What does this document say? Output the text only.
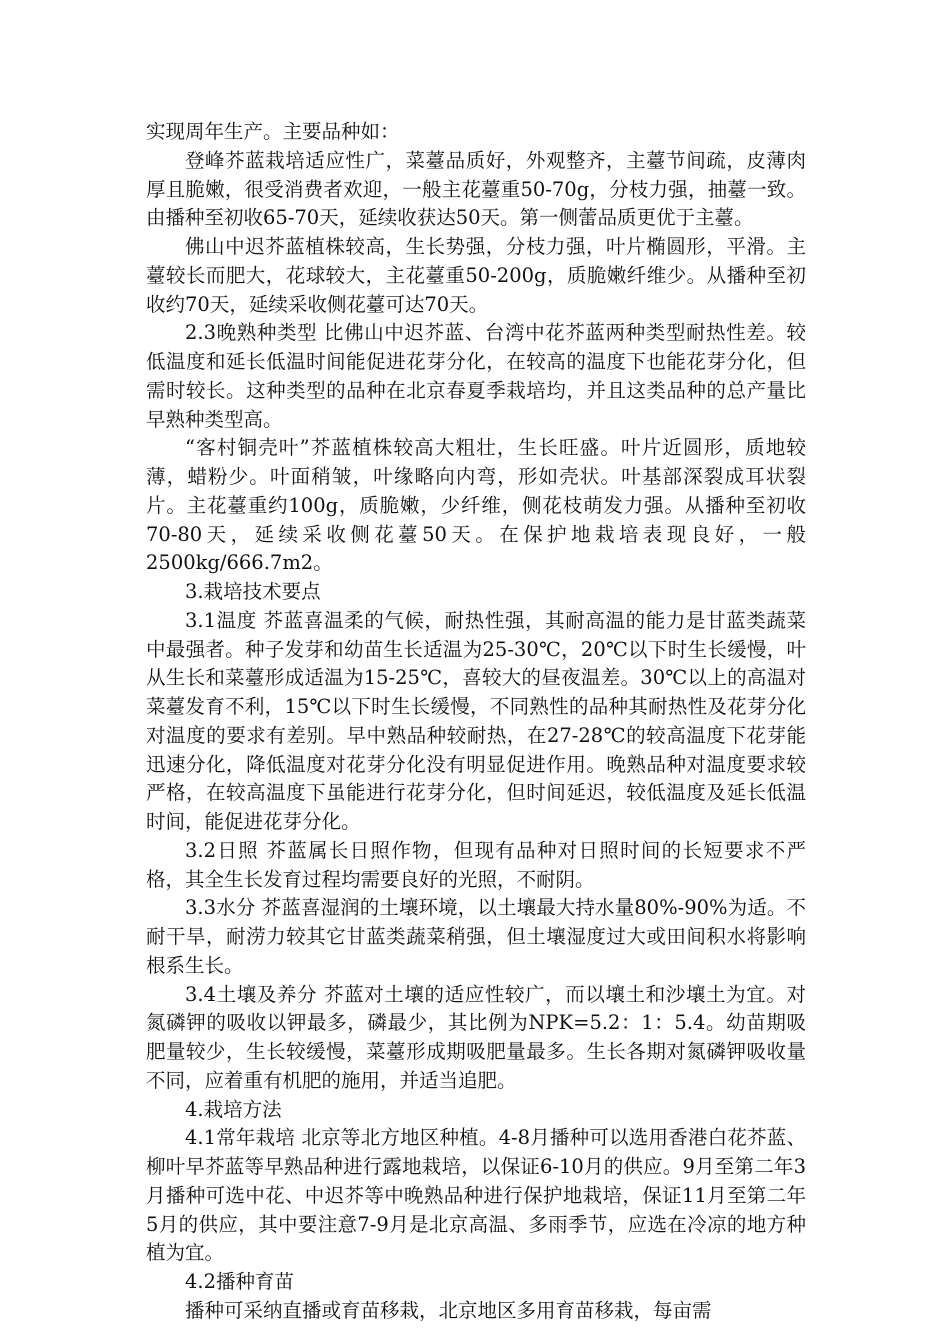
实现周年生产。主要品种如：

登峰芥蓝栽培适应性广，菜薹品质好，外观整齐，主薹节间疏，皮薄肉厚且脆嫩，很受消费者欢迎，一般主花薹重50-70g，分枝力强，抽薹一致。由播种至初收65-70天，延续收获达50天。第一侧蕾品质更优于主薹。

佛山中迟芥蓝植株较高，生长势强，分枝力强，叶片椭圆形，平滑。主薹较长而肥大，花球较大，主花薹重50-200g，质脆嫩纤维少。从播种至初收约70天，延续采收侧花薹可达70天。

2.3晚熟种类型 比佛山中迟芥蓝、台湾中花芥蓝两种类型耐热性差。较低温度和延长低温时间能促进花芽分化，在较高的温度下也能花芽分化，但需时较长。这种类型的品种在北京春夏季栽培均，并且这类品种的总产量比早熟种类型高。

“客村铜壳叶”芥蓝植株较高大粗壮，生长旺盛。叶片近圆形，质地较薄，蜡粉少。叶面稍皱，叶缘略向内弯，形如壳状。叶基部深裂成耳状裂片。主花薹重约100g，质脆嫩，少纤维，侧花枝萌发力强。从播种至初收70-80天，延续采收侧花薹50天。在保护地栽培表现良好，一般2500kg/666.7m2。

3.栽培技术要点

3.1温度 芥蓝喜温柔的气候，耐热性强，其耐高温的能力是甘蓝类蔬菜中最强者。种子发芽和幼苗生长适温为25-30℃，20℃以下时生长缓慢，叶从生长和菜薹形成适温为15-25℃，喜较大的昼夜温差。30℃以上的高温对菜薹发育不利，15℃以下时生长缓慢，不同熟性的品种其耐热性及花芽分化对温度的要求有差别。早中熟品种较耐热，在27-28℃的较高温度下花芽能迅速分化，降低温度对花芽分化没有明显促进作用。晚熟品种对温度要求较严格，在较高温度下虽能进行花芽分化，但时间延迟，较低温度及延长低温时间，能促进花芽分化。

3.2日照 芥蓝属长日照作物，但现有品种对日照时间的长短要求不严格，其全生长发育过程均需要良好的光照，不耐阴。

3.3水分 芥蓝喜湿润的土壤环境，以土壤最大持水量80%-90%为适。不耐干旱，耐涝力较其它甘蓝类蔬菜稍强，但土壤湿度过大或田间积水将影响根系生长。

3.4土壤及养分 芥蓝对土壤的适应性较广，而以壤土和沙壤土为宜。对氮磷钾的吸收以钾最多，磷最少，其比例为NPK=5.2：1：5.4。幼苗期吸肥量较少，生长较缓慢，菜薹形成期吸肥量最多。生长各期对氮磷钾吸收量不同，应着重有机肥的施用，并适当追肥。

4.栽培方法

4.1常年栽培 北京等北方地区种植。4-8月播种可以选用香港白花芥蓝、柳叶早芥蓝等早熟品种进行露地栽培，以保证6-10月的供应。9月至第二年3月播种可选中花、中迟芥等中晚熟品种进行保护地栽培，保证11月至第二年5月的供应，其中要注意7-9月是北京高温、多雨季节，应选在冷凉的地方种植为宜。

4.2播种育苗

播种可采纳直播或育苗移栽，北京地区多用育苗移栽，每亩需
